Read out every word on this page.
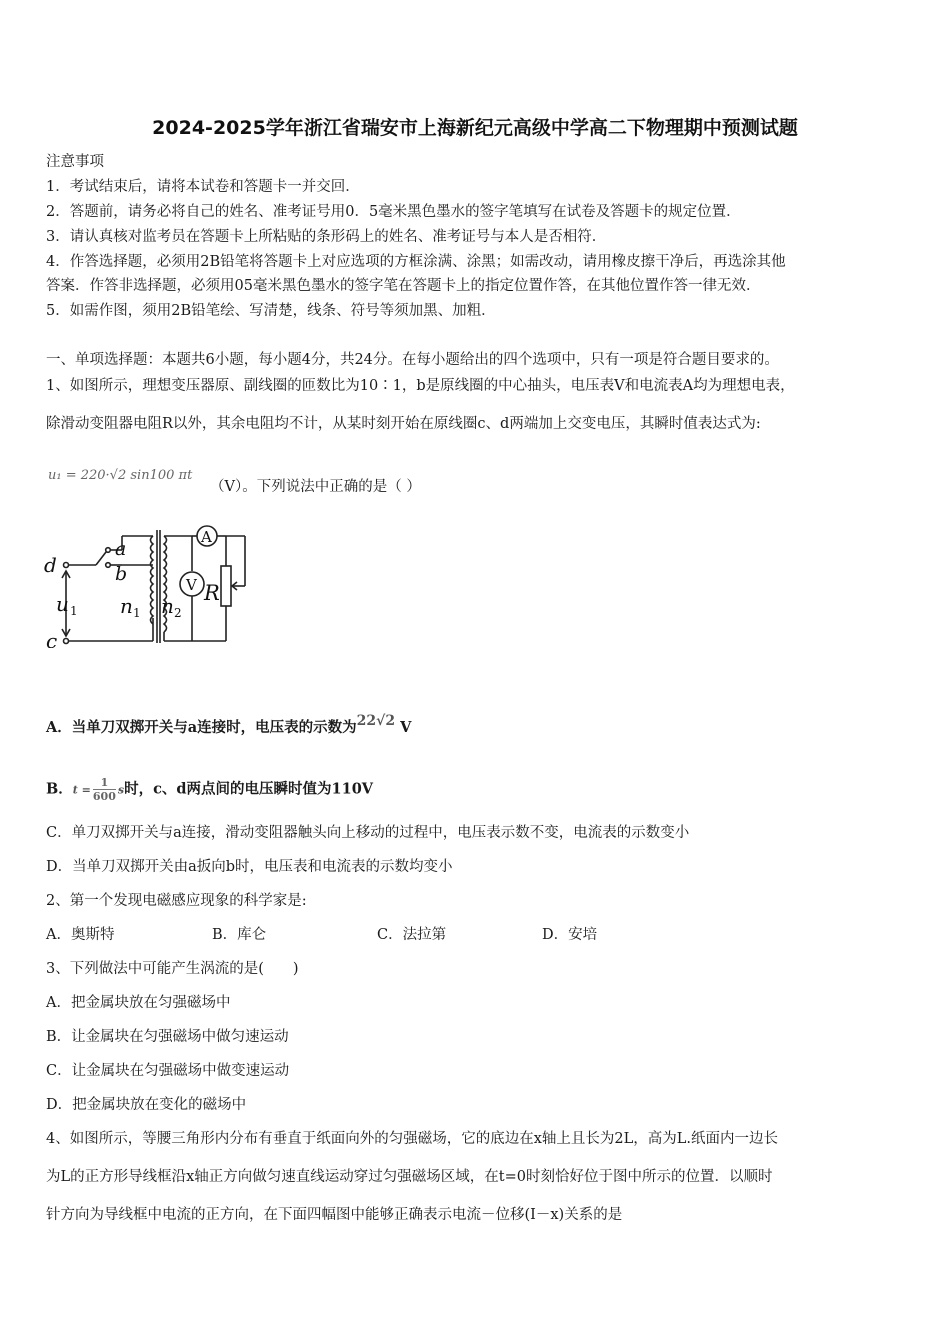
2024-2025学年浙江省瑞安市上海新纪元高级中学高二下物理期中预测试题
注意事项
1．考试结束后，请将本试卷和答题卡一并交回．
2．答题前，请务必将自己的姓名、准考证号用0．5毫米黑色墨水的签字笔填写在试卷及答题卡的规定位置．
3．请认真核对监考员在答题卡上所粘贴的条形码上的姓名、准考证号与本人是否相符．
4．作答选择题，必须用2B铅笔将答题卡上对应选项的方框涂满、涂黑；如需改动，请用橡皮擦干净后，再选涂其他
答案．作答非选择题，必须用05毫米黑色墨水的签字笔在答题卡上的指定位置作答，在其他位置作答一律无效．
5．如需作图，须用2B铅笔绘、写清楚，线条、符号等须加黑、加粗．
一、单项选择题：本题共6小题，每小题4分，共24分。在每小题给出的四个选项中，只有一项是符合题目要求的。
1、如图所示，理想变压器原、副线圈的匝数比为10∶1，b是原线圈的中心抽头，电压表V和电流表A均为理想电表，
除滑动变阻器电阻R以外，其余电阻均不计，从某时刻开始在原线圈c、d两端加上交变电压，其瞬时值表达式为:
u₁ = 220·√2 sin100 πt
（V）。下列说法中正确的是（ ）
d
c
a
b
u 1 n 1 n 2
R
V
A
A．当单刀双掷开关与a连接时，电压表的示数为22√2 V
B．$t = \frac{1}{600}$ s时，c、d两点间的电压瞬时值为110V
C．单刀双掷开关与a连接，滑动变阻器触头向上移动的过程中，电压表示数不变，电流表的示数变小
D．当单刀双掷开关由a扳向b时，电压表和电流表的示数均变小
2、第一个发现电磁感应现象的科学家是:
A．奥斯特	B．库仑	C．法拉第	D．安培
3、下列做法中可能产生涡流的是(　　)
A．把金属块放在匀强磁场中
B．让金属块在匀强磁场中做匀速运动
C．让金属块在匀强磁场中做变速运动
D．把金属块放在变化的磁场中
4、如图所示，等腰三角形内分布有垂直于纸面向外的匀强磁场，它的底边在x轴上且长为2L，高为L.纸面内一边长
为L的正方形导线框沿x轴正方向做匀速直线运动穿过匀强磁场区域，在t=0时刻恰好位于图中所示的位置．以顺时
针方向为导线框中电流的正方向，在下面四幅图中能够正确表示电流－位移(I－x)关系的是
